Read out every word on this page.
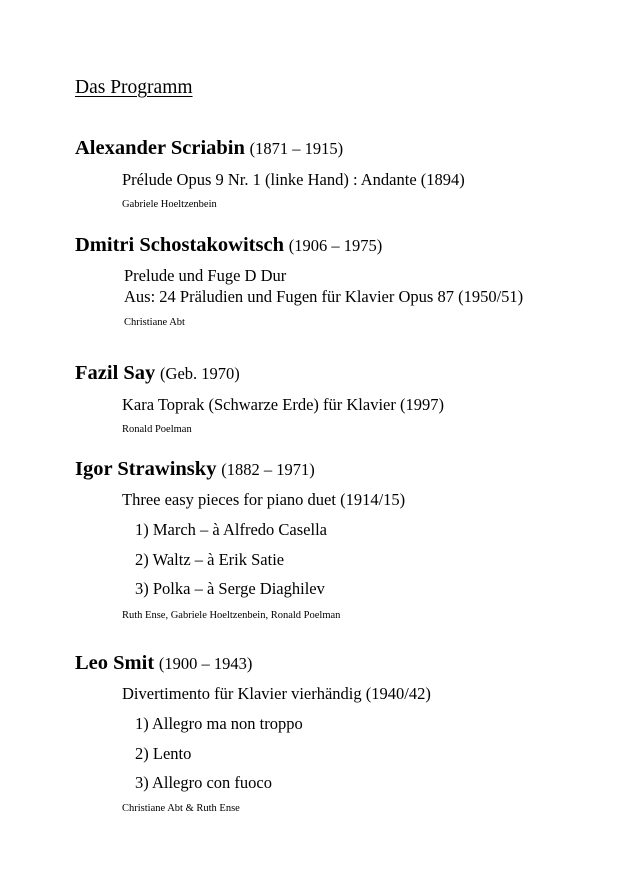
Das Programm
Alexander Scriabin (1871 – 1915)
Prélude Opus 9 Nr. 1 (linke Hand) : Andante (1894)
Gabriele Hoeltzenbein
Dmitri Schostakowitsch (1906 – 1975)
Prelude und Fuge D Dur
Aus: 24 Präludien und Fugen für Klavier Opus 87 (1950/51)
Christiane Abt
Fazil Say (Geb. 1970)
Kara Toprak (Schwarze Erde) für Klavier (1997)
Ronald Poelman
Igor Strawinsky (1882 – 1971)
Three easy pieces for piano duet (1914/15)
1) March – à Alfredo Casella
2) Waltz – à Erik Satie
3) Polka – à Serge Diaghilev
Ruth Ense, Gabriele Hoeltzenbein, Ronald Poelman
Leo Smit (1900 – 1943)
Divertimento für Klavier vierhändig (1940/42)
1) Allegro ma non troppo
2) Lento
3) Allegro con fuoco
Christiane Abt & Ruth Ense
